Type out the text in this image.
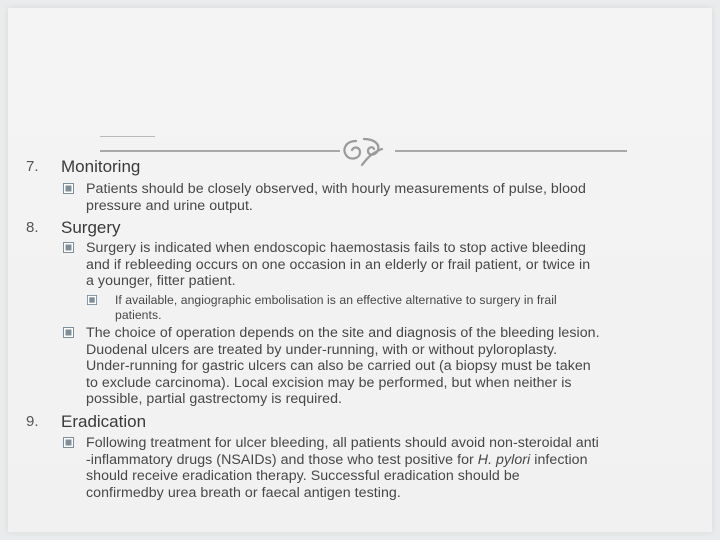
7.	Monitoring
Patients should be closely observed, with hourly measurements of pulse, blood
pressure and urine output.
8.	Surgery
Surgery is indicated when endoscopic haemostasis fails to stop active bleeding
and if rebleeding occurs on one occasion in an elderly or frail patient, or twice in
a younger, fitter patient.
If available, angiographic embolisation is an effective alternative to surgery in frail
patients.
The choice of operation depends on the site and diagnosis of the bleeding lesion.
Duodenal ulcers are treated by under-running, with or without pyloroplasty.
Under-running for gastric ulcers can also be carried out (a biopsy must be taken
to exclude carcinoma). Local excision may be performed, but when neither is
possible, partial gastrectomy is required.
9.	Eradication
Following treatment for ulcer bleeding, all patients should avoid non-steroidal anti
-inflammatory drugs (NSAIDs) and those who test positive for H. pylori infection
should receive eradication therapy. Successful eradication should be
confirmedby urea breath or faecal antigen testing.
